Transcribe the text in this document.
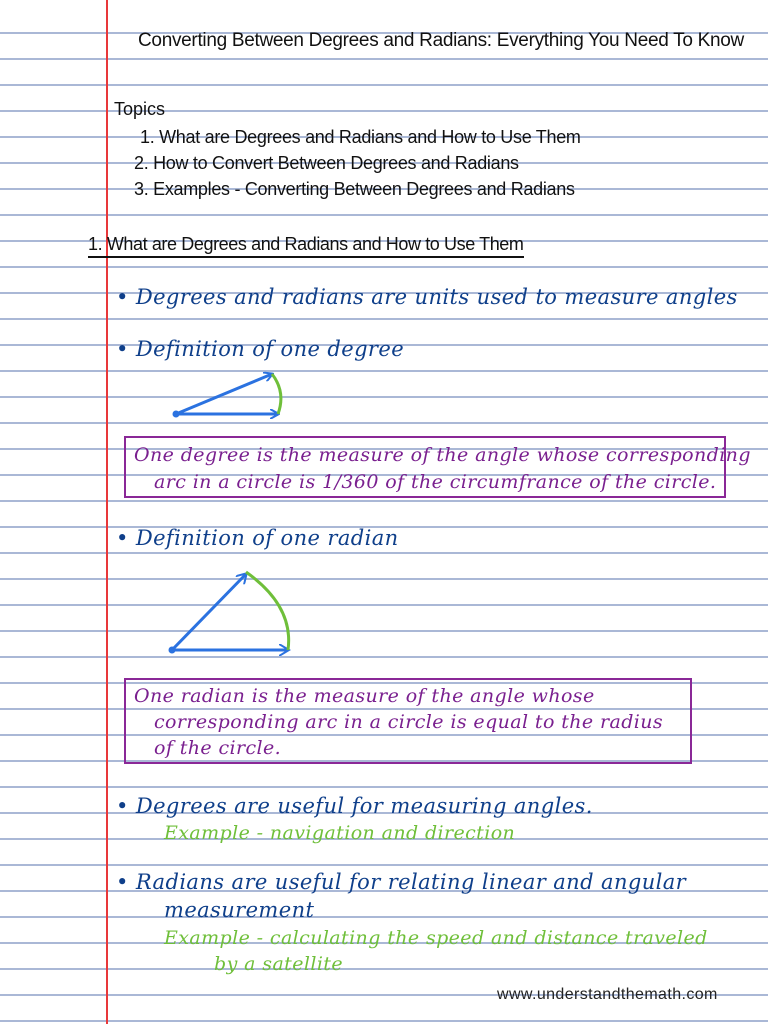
Converting Between Degrees and Radians: Everything You Need To Know
Topics
1. What are Degrees and Radians and How to Use Them
2. How to Convert Between Degrees and Radians
3. Examples - Converting Between Degrees and Radians
1. What are Degrees and Radians and How to Use Them
• Degrees and radians are units used to measure angles
• Definition of one degree
One degree is the measure of the angle whose corresponding
arc in a circle is 1/360 of the circumfrance of the circle.
• Definition of one radian
One radian is the measure of the angle whose
corresponding arc in a circle is equal to the radius
of the circle.
• Degrees are useful for measuring angles.
Example - navigation and direction
• Radians are useful for relating linear and angular
measurement
Example - calculating the speed and distance traveled
by a satellite
www.understandthemath.com
